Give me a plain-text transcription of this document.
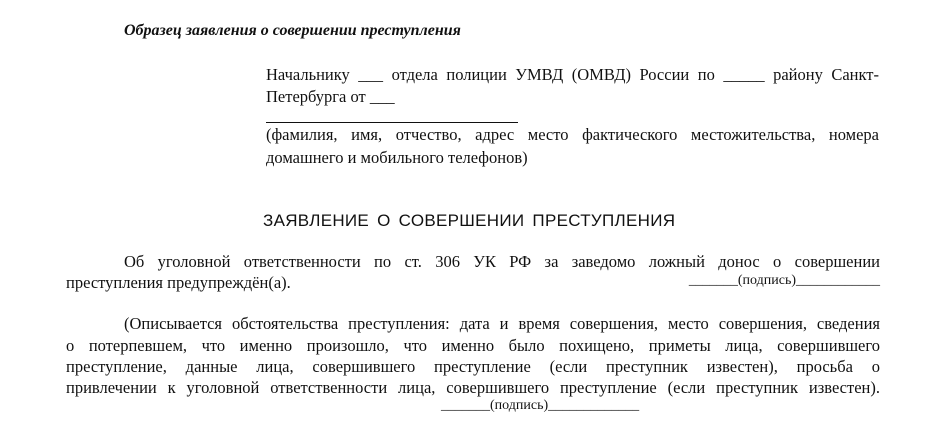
Образец заявления о совершении преступления
Начальнику ___ отдела полиции УМВД (ОМВД) России по _____ району Санкт-
Петербурга от ___
(фамилия, имя, отчество, адрес место фактического местожительства, номера
домашнего и мобильного телефонов)
ЗАЯВЛЕНИЕ О СОВЕРШЕНИИ ПРЕСТУПЛЕНИЯ
Об уголовной ответственности по ст. 306 УК РФ за заведомо ложный донос о совершении
преступления предупреждён(а).	_______(подпись)____________
(Описывается обстоятельства преступления: дата и время совершения, место совершения, сведения
о потерпевшем, что именно произошло, что именно было похищено, приметы лица, совершившего
преступление, данные лица, совершившего преступление (если преступник известен), просьба о
привлечении к уголовной ответственности лица, совершившего преступление (если преступник известен).
_______(подпись)_____________
